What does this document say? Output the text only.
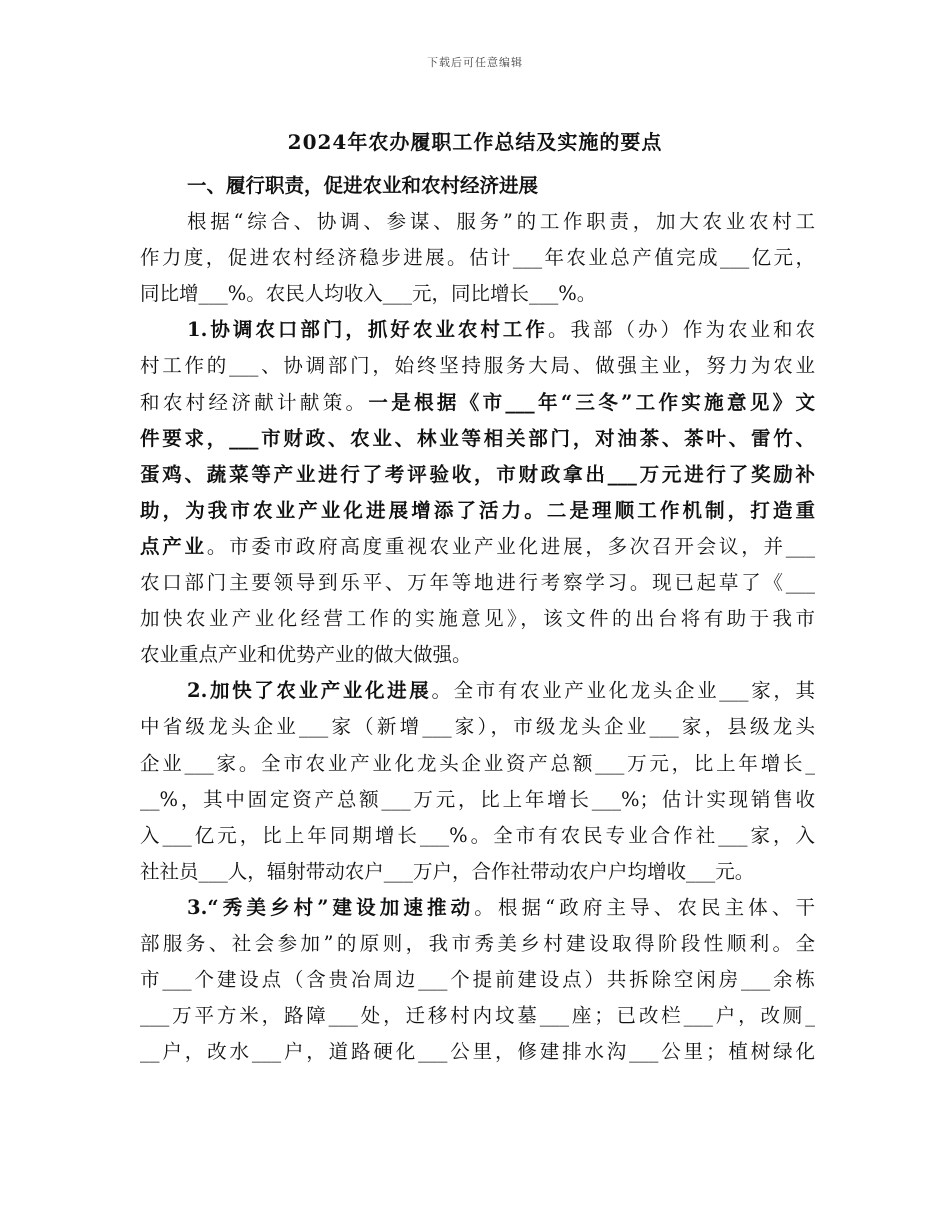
下载后可任意编辑
2024年农办履职工作总结及实施的要点
一、履行职责，促进农业和农村经济进展
根据“综合、协调、参谋、服务”的工作职责，加大农业农村工
作力度，促进农村经济稳步进展。估计___年农业总产值完成___亿元，
同比增___%。农民人均收入___元，同比增长___%。
1.协调农口部门，抓好农业农村工作。我部（办）作为农业和农
村工作的___、协调部门，始终坚持服务大局、做强主业，努力为农业
和农村经济献计献策。一是根据《市___年“三冬”工作实施意见》文
件要求，___市财政、农业、林业等相关部门，对油茶、茶叶、雷竹、
蛋鸡、蔬菜等产业进行了考评验收，市财政拿出___万元进行了奖励补
助，为我市农业产业化进展增添了活力。二是理顺工作机制，打造重
点产业。市委市政府高度重视农业产业化进展，多次召开会议，并___
农口部门主要领导到乐平、万年等地进行考察学习。现已起草了《___
加快农业产业化经营工作的实施意见》，该文件的出台将有助于我市
农业重点产业和优势产业的做大做强。
2.加快了农业产业化进展。全市有农业产业化龙头企业___家，其
中省级龙头企业___家（新增___家），市级龙头企业___家，县级龙头
企业___家。全市农业产业化龙头企业资产总额___万元，比上年增长_
__%，其中固定资产总额___万元，比上年增长___%；估计实现销售收
入___亿元，比上年同期增长___%。全市有农民专业合作社___家，入
社社员___人，辐射带动农户___万户，合作社带动农户户均增收___元。
3.“秀美乡村”建设加速推动。根据“政府主导、农民主体、干
部服务、社会参加”的原则，我市秀美乡村建设取得阶段性顺利。全
市___个建设点（含贵冶周边___个提前建设点）共拆除空闲房___余栋
___万平方米，路障___处，迁移村内坟墓___座；已改栏___户，改厕_
__户，改水___户，道路硬化___公里，修建排水沟___公里；植树绿化
